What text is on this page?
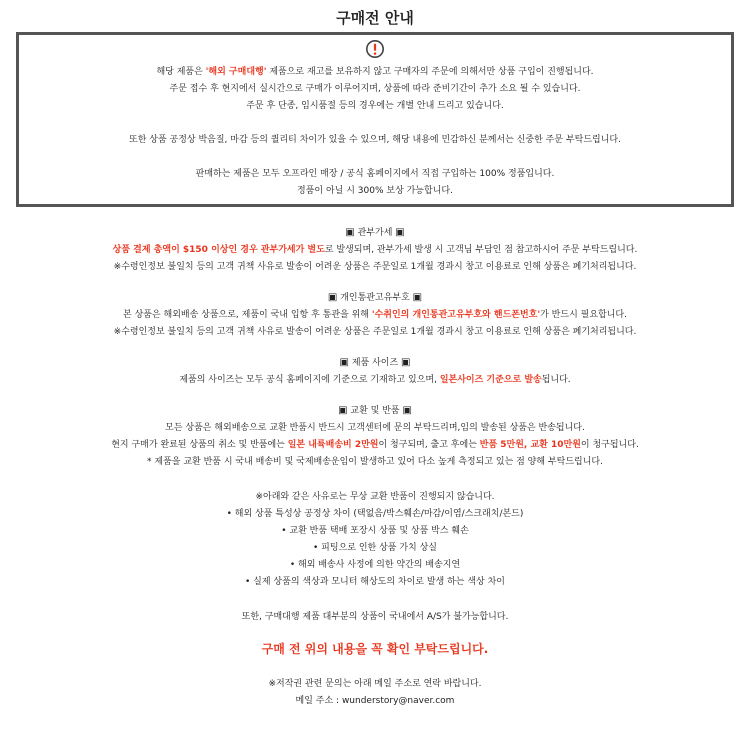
구매전 안내
해당 제품은 '해외 구매대행' 제품으로 재고를 보유하지 않고 구매자의 주문에 의해서만 상품 구입이 진행됩니다.
주문 접수 후 현지에서 실시간으로 구매가 이루어지며, 상품에 따라 준비기간이 추가 소요 될 수 있습니다.
주문 후 단종, 임시품절 등의 경우에는 개별 안내 드리고 있습니다.
또한 상품 공정상 박음질, 마감 등의 퀄리티 차이가 있을 수 있으며, 해당 내용에 민감하신 분께서는 신중한 주문 부탁드립니다.
판매하는 제품은 모두 오프라인 매장 / 공식 홈페이지에서 직접 구입하는 100% 정품입니다.
정품이 아닐 시 300% 보상 가능합니다.
▣ 관부가세 ▣
상품 결제 총액이 $150 이상인 경우 관부가세가 별도로 발생되며, 관부가세 발생 시 고객님 부담인 점 참고하시어 주문 부탁드립니다.
※수령인정보 불일치 등의 고객 귀책 사유로 발송이 어려운 상품은 주문일로 1개월 경과시 창고 이용료로 인해 상품은 폐기처리됩니다.
▣ 개인통관고유부호 ▣
본 상품은 해외배송 상품으로, 제품이 국내 입항 후 통관을 위해 '수취인의 개인통관고유부호와 핸드폰번호'가 반드시 필요합니다.
※수령인정보 불일치 등의 고객 귀책 사유로 발송이 어려운 상품은 주문일로 1개월 경과시 창고 이용료로 인해 상품은 폐기처리됩니다.
▣ 제품 사이즈 ▣
제품의 사이즈는 모두 공식 홈페이지에 기준으로 기재하고 있으며, 일본사이즈 기준으로 발송됩니다.
▣ 교환 및 반품 ▣
모든 상품은 해외배송으로 교환 반품시 반드시 고객센터에 문의 부탁드리며,임의 발송된 상품은 반송됩니다.
현지 구매가 완료된 상품의 취소 및 반품에는 일본 내륙배송비 2만원이 청구되며, 출고 후에는 반품 5만원, 교환 10만원이 청구됩니다.
* 제품을 교환 반품 시 국내 배송비 및 국제배송운임이 발생하고 있어 다소 높게 측정되고 있는 점 양해 부탁드립니다.
※아래와 같은 사유로는 무상 교환 반품이 진행되지 않습니다.
• 해외 상품 특성상 공정상 차이 (택없음/박스훼손/마감/이염/스크래치/본드)
• 교환 반품 택배 포장시 상품 및 상품 박스 훼손
• 피팅으로 인한 상품 가치 상실
• 해외 배송사 사정에 의한 약간의 배송지연
• 실제 상품의 색상과 모니터 해상도의 차이로 발생 하는 색상 차이
또한, 구매대행 제품 대부분의 상품이 국내에서 A/S가 불가능합니다.
구매 전 위의 내용을 꼭 확인 부탁드립니다.
※저작권 관련 문의는 아래 메일 주소로 연락 바랍니다.
메일 주소 : wunderstory@naver.com
